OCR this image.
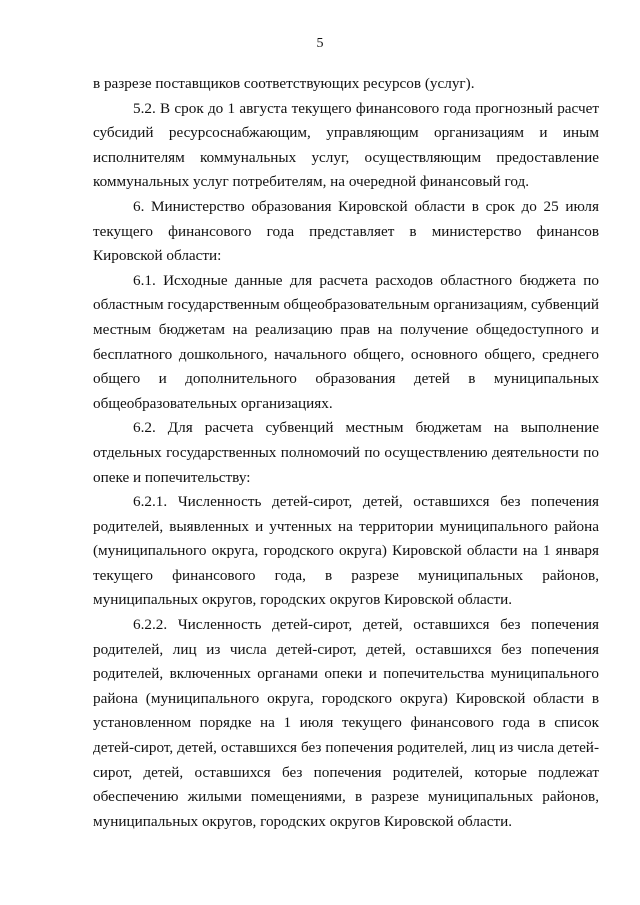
5

в разрезе поставщиков соответствующих ресурсов (услуг).

5.2. В срок до 1 августа текущего финансового года прогнозный расчет субсидий ресурсоснабжающим, управляющим организациям и иным исполнителям коммунальных услуг, осуществляющим предоставление коммунальных услуг потребителям, на очередной финансовый год.

6. Министерство образования Кировской области в срок до 25 июля текущего финансового года представляет в министерство финансов Кировской области:

6.1. Исходные данные для расчета расходов областного бюджета по областным государственным общеобразовательным организациям, субвенций местным бюджетам на реализацию прав на получение общедоступного и бесплатного дошкольного, начального общего, основного общего, среднего общего и дополнительного образования детей в муниципальных общеобразовательных организациях.

6.2. Для расчета субвенций местным бюджетам на выполнение отдельных государственных полномочий по осуществлению деятельности по опеке и попечительству:

6.2.1. Численность детей-сирот, детей, оставшихся без попечения родителей, выявленных и учтенных на территории муниципального района (муниципального округа, городского округа) Кировской области на 1 января текущего финансового года, в разрезе муниципальных районов, муниципальных округов, городских округов Кировской области.

6.2.2. Численность детей-сирот, детей, оставшихся без попечения родителей, лиц из числа детей-сирот, детей, оставшихся без попечения родителей, включенных органами опеки и попечительства муниципального района (муниципального округа, городского округа) Кировской области в установленном порядке на 1 июля текущего финансового года в список детей-сирот, детей, оставшихся без попечения родителей, лиц из числа детей-сирот, детей, оставшихся без попечения родителей, которые подлежат обеспечению жилыми помещениями, в разрезе муниципальных районов, муниципальных округов, городских округов Кировской области.
